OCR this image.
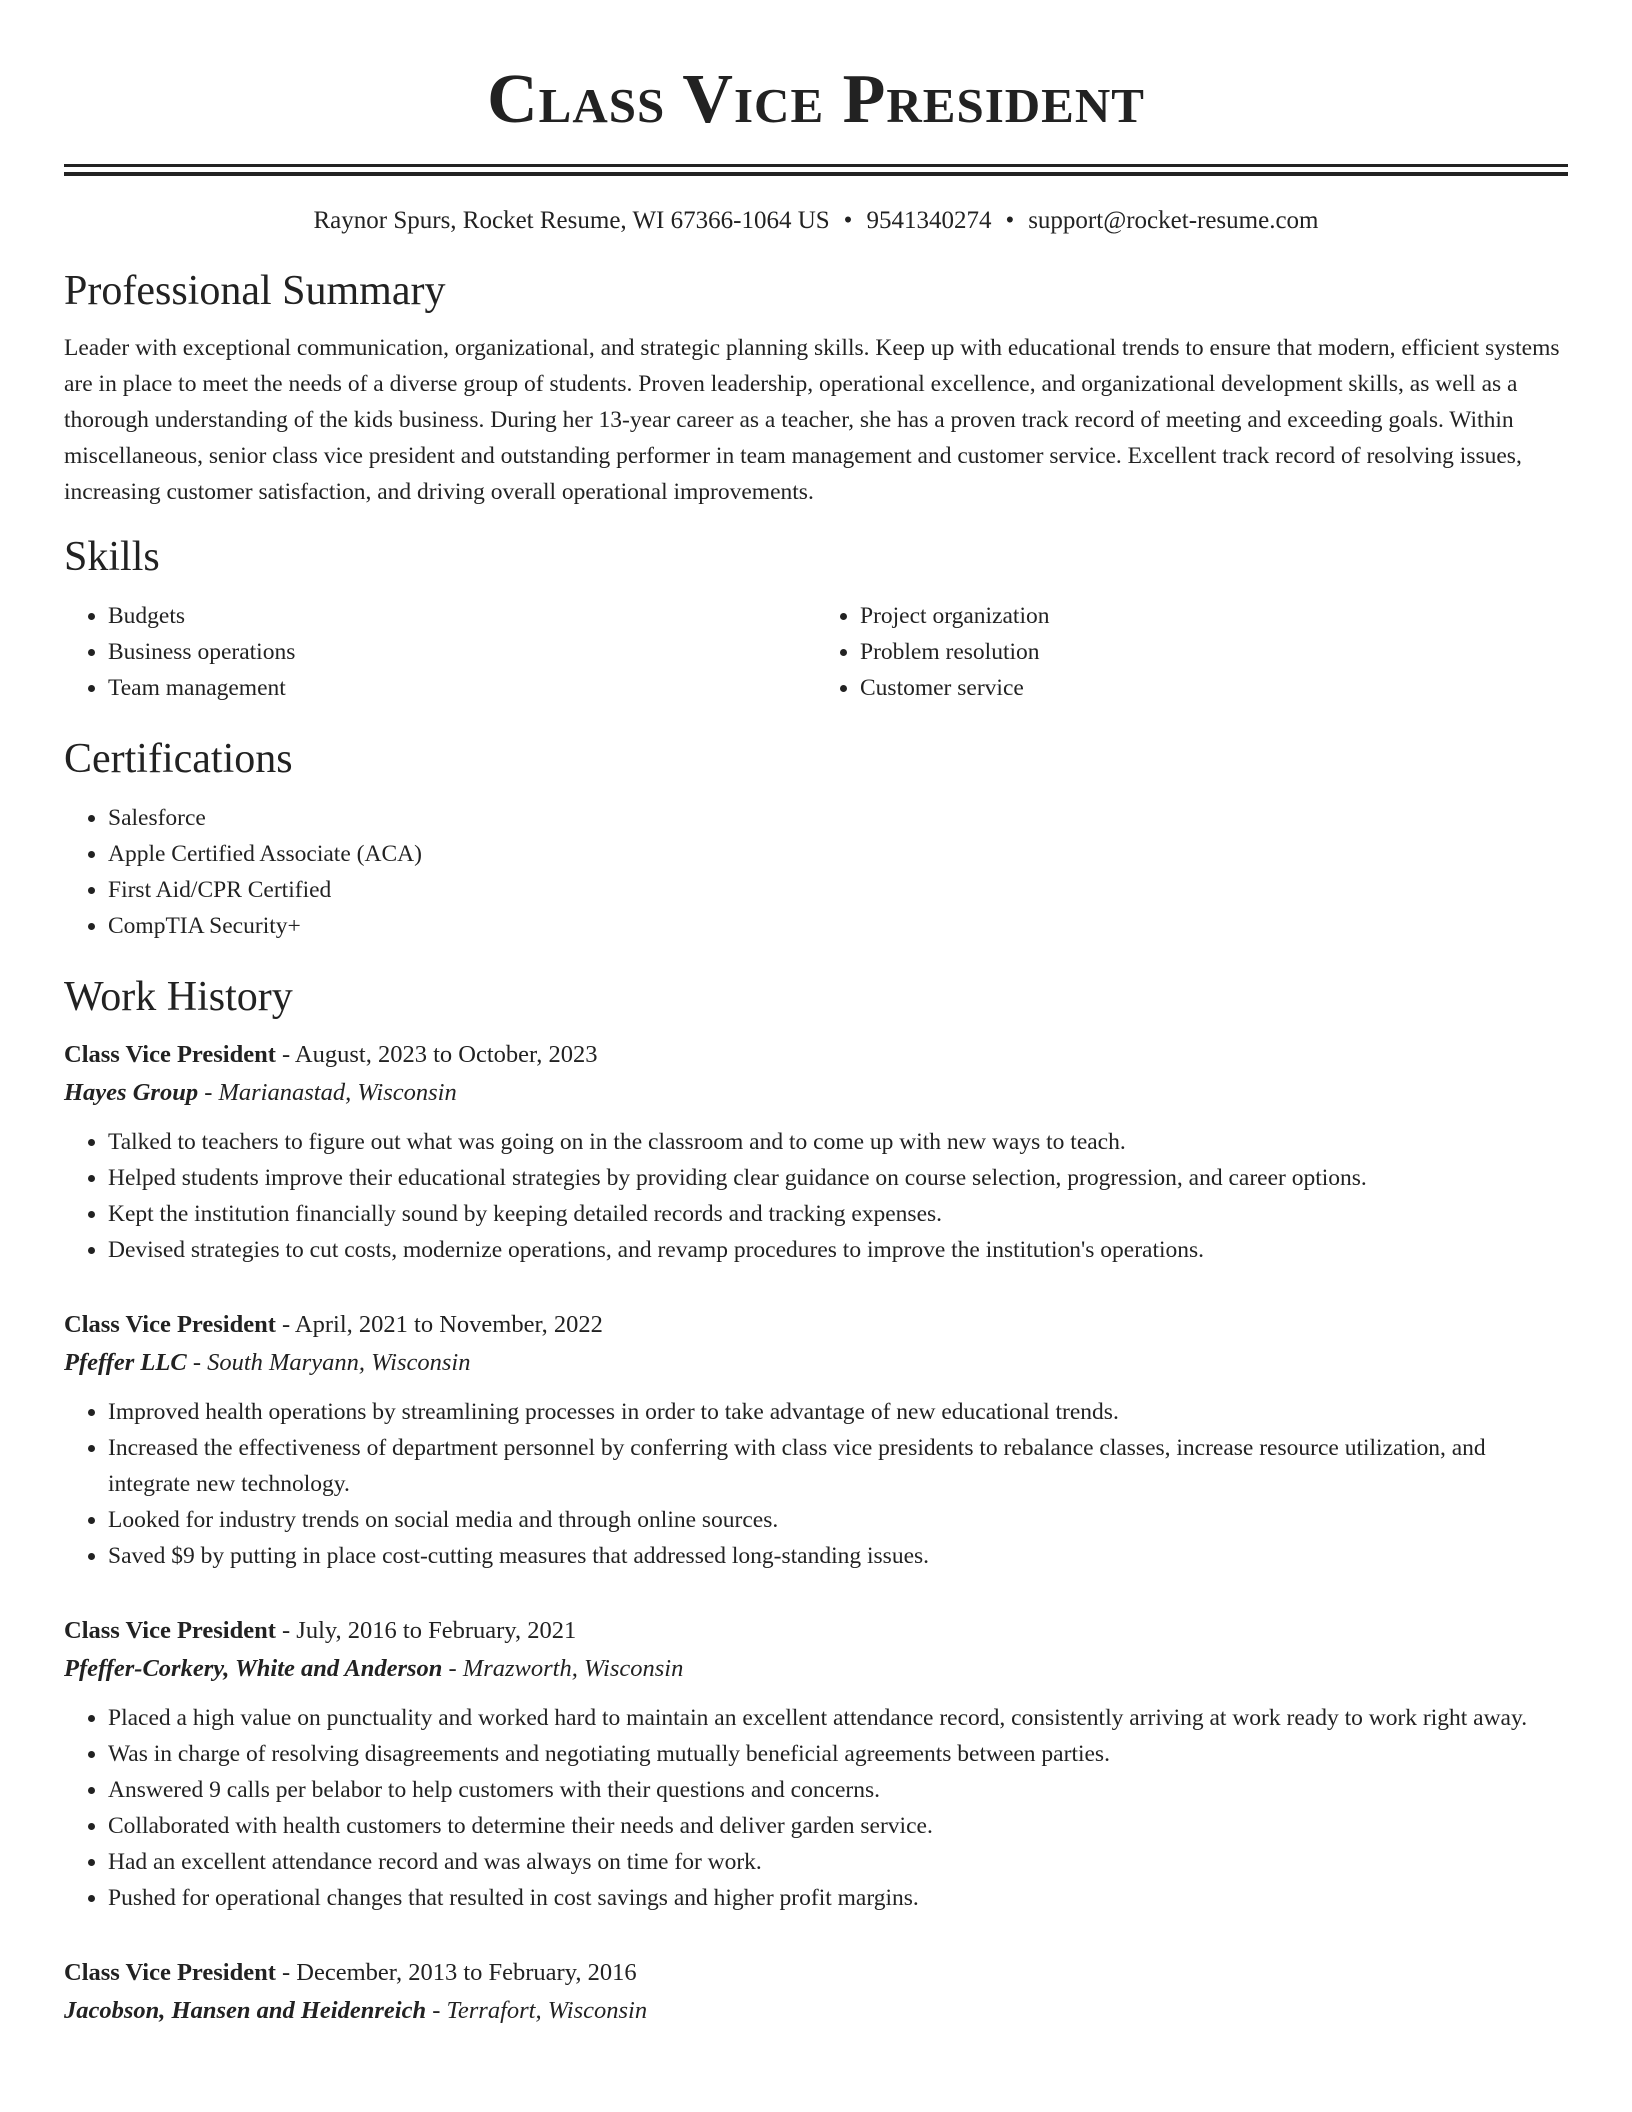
Class Vice President
Raynor Spurs, Rocket Resume, WI 67366-1064 US • 9541340274 • support@rocket-resume.com
Professional Summary
Leader with exceptional communication, organizational, and strategic planning skills. Keep up with educational trends to ensure that modern, efficient systems are in place to meet the needs of a diverse group of students. Proven leadership, operational excellence, and organizational development skills, as well as a thorough understanding of the kids business. During her 13-year career as a teacher, she has a proven track record of meeting and exceeding goals. Within miscellaneous, senior class vice president and outstanding performer in team management and customer service. Excellent track record of resolving issues, increasing customer satisfaction, and driving overall operational improvements.
Skills
• Budgets
• Business operations
• Team management
• Project organization
• Problem resolution
• Customer service
Certifications
• Salesforce
• Apple Certified Associate (ACA)
• First Aid/CPR Certified
• CompTIA Security+
Work History
Class Vice President - August, 2023 to October, 2023
Hayes Group - Marianastad, Wisconsin
• Talked to teachers to figure out what was going on in the classroom and to come up with new ways to teach.
• Helped students improve their educational strategies by providing clear guidance on course selection, progression, and career options.
• Kept the institution financially sound by keeping detailed records and tracking expenses.
• Devised strategies to cut costs, modernize operations, and revamp procedures to improve the institution's operations.
Class Vice President - April, 2021 to November, 2022
Pfeffer LLC - South Maryann, Wisconsin
• Improved health operations by streamlining processes in order to take advantage of new educational trends.
• Increased the effectiveness of department personnel by conferring with class vice presidents to rebalance classes, increase resource utilization, and integrate new technology.
• Looked for industry trends on social media and through online sources.
• Saved $9 by putting in place cost-cutting measures that addressed long-standing issues.
Class Vice President - July, 2016 to February, 2021
Pfeffer-Corkery, White and Anderson - Mrazworth, Wisconsin
• Placed a high value on punctuality and worked hard to maintain an excellent attendance record, consistently arriving at work ready to work right away.
• Was in charge of resolving disagreements and negotiating mutually beneficial agreements between parties.
• Answered 9 calls per belabor to help customers with their questions and concerns.
• Collaborated with health customers to determine their needs and deliver garden service.
• Had an excellent attendance record and was always on time for work.
• Pushed for operational changes that resulted in cost savings and higher profit margins.
Class Vice President - December, 2013 to February, 2016
Jacobson, Hansen and Heidenreich - Terrafort, Wisconsin
